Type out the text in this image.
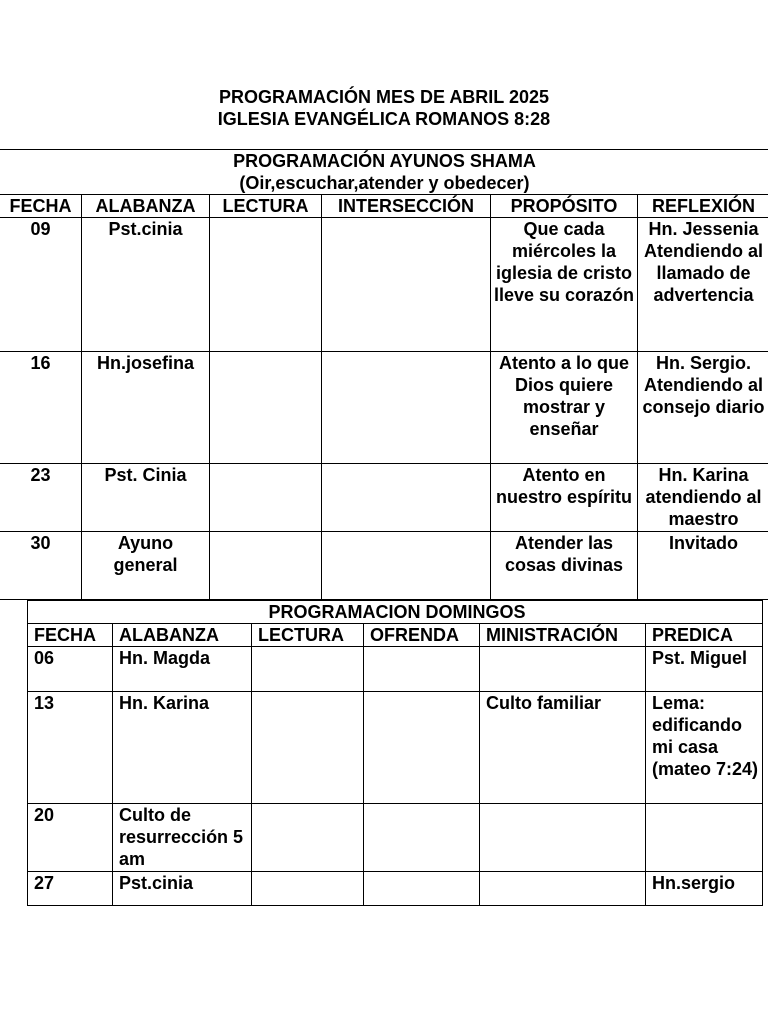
PROGRAMACIÓN MES DE ABRIL 2025
IGLESIA EVANGÉLICA ROMANOS 8:28
PROGRAMACIÓN AYUNOS SHAMA
(Oir,escuchar,atender y obedecer)					

FECHA	ALABANZA	LECTURA	INTERSECCIÓN	PROPÓSITO	REFLEXIÓN
09	Pst.cinia			Que cada miércoles la iglesia de cristo lleve su corazón	Hn. Jessenia Atendiendo al llamado de advertencia
16	Hn.josefina			Atento a lo que Dios quiere mostrar y enseñar	Hn. Sergio. Atendiendo al consejo diario
23	Pst. Cinia			Atento en nuestro espíritu	Hn. Karina atendiendo al maestro
30	Ayuno general			Atender las cosas divinas	Invitado
PROGRAMACION DOMINGOS					
FECHA	ALABANZA	LECTURA	OFRENDA	MINISTRACIÓN	PREDICA
06	Hn. Magda				Pst. Miguel
13	Hn. Karina			Culto familiar	Lema: edificando mi casa (mateo 7:24)
20	Culto de resurrección 5 am				
27	Pst.cinia				Hn.sergio
